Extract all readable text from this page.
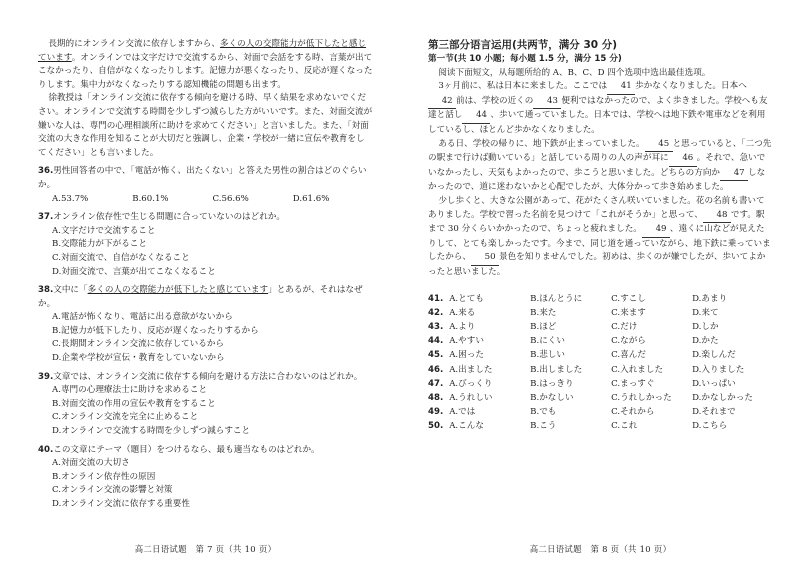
長期的にオンライン交流に依存しますから、多くの人の交際能力が低下したと感じています。オンラインでは文字だけで交流するから、対面で会話をする時、言葉が出てこなかったり、自信がなくなったりします。記憶力が悪くなったり、反応が遅くなったりします。集中力がなくなったりする認知機能の問題も出ます。

徐教授は「オンライン交流に依存する傾向を避ける時、早く結果を求めないでください。オンラインで交流する時間を少しずつ減らした方がいいです。また、対面交流が嫌いな人は、専門の心理相談所に助けを求めてください」と言いました。また、「対面交流の大きな作用を知ることが大切だと強調し、企業・学校が一緒に宣伝や教育をしてください」とも言いました。

36.男性回答者の中で、「電話が怖く、出たくない」と答えた男性の割合はどのぐらいか。

A.53.7%	B.60.1%	C.56.6%	D.61.6%

37.オンライン依存性で生じる問題に合っていないのはどれか。

A.文字だけで交流すること
B.交際能力が下がること
C.対面交流で、自信がなくなること
D.対面交流で、言葉が出てこなくなること

38.文中に「多くの人の交際能力が低下したと感じています」とあるが、それはなぜか。

A.電話が怖くなり、電話に出る意欲がないから
B.記憶力が低下したり、反応が遅くなったりするから
C.長期間オンライン交流に依存しているから
D.企業や学校が宣伝・教育をしていないから

39.文章では、オンライン交流に依存する傾向を避ける方法に合わないのはどれか。

A.専門の心理療法士に助けを求めること
B.対面交流の作用の宣伝や教育をすること
C.オンライン交流を完全に止めること
D.オンラインで交流する時間を少しずつ減らすこと

40.この文章にテーマ（題目）をつけるなら、最も適当なものはどれか。

A.対面交流の大切さ
B.オンライン依存性の原因
C.オンライン交流の影響と対策
D.オンライン交流に依存する重要性
高二日语试题　第 7 页（共 10 页）
第三部分语言运用(共两节，满分 30 分)
第一节(共 10 小题；每小题 1.5 分，满分 15 分)

阅读下面短文，从每题所给的 A、B、C、D 四个选项中选出最佳选项。

3ヶ月前に、私は日本に来ました。ここでは 41 歩かなくなりました。日本へ42 前は、学校の近くの 43 便利ではなかったので、よく歩きました。学校へも友達と話し 44 、歩いて通っていました。日本では、学校へは地下鉄や電車などを利用しているし、ほとんど歩かなくなりました。

ある日、学校の帰りに、地下鉄が止まっていました。 45 と思っていると、「二つ先の駅まで行けば動いている」と話している周りの人の声が耳に 46 。それで、急いでいなかったし、天気もよかったので、歩こうと思いました。どちらの方向か 47 しなかったので、道に迷わないかと心配でしたが、大体分かって歩き始めました。

少し歩くと、大きな公園があって、花がたくさん咲いていました。花の名前も書いてありました。学校で習った名前を見つけて「これがそうか」と思って、 48 です。駅まで 30 分くらいかかったので、ちょっと疲れました。 49 、遠くに山などが見えたりして、とても楽しかったです。今まで、同じ道を通っていながら、地下鉄に乗っていましたから、 50 景色を知りませんでした。初めは、歩くのが嫌でしたが、歩いてよかったと思いました。

41. A.とても	B.ほんとうに	C.すこし	D.あまり
42. A.来る	B.来た	C.来ます	D.来て
43. A.より	B.ほど	C.だけ	D.しか
44. A.やすい	B.にくい	C.ながら	D.かた
45. A.困った	B.悲しい	C.喜んだ	D.楽しんだ
46. A.出ました	B.出しました	C.入れました	D.入りました
47. A.びっくり	B.はっきり	C.まっすぐ	D.いっぱい
48. A.うれしい	B.かなしい	C.うれしかった	D.かなしかった
49. A.では	B.でも	C.それから	D.それまで
50. A.こんな	B.こう	C.これ	D.こちら
高二日语试题　第 8 页（共 10 页）
